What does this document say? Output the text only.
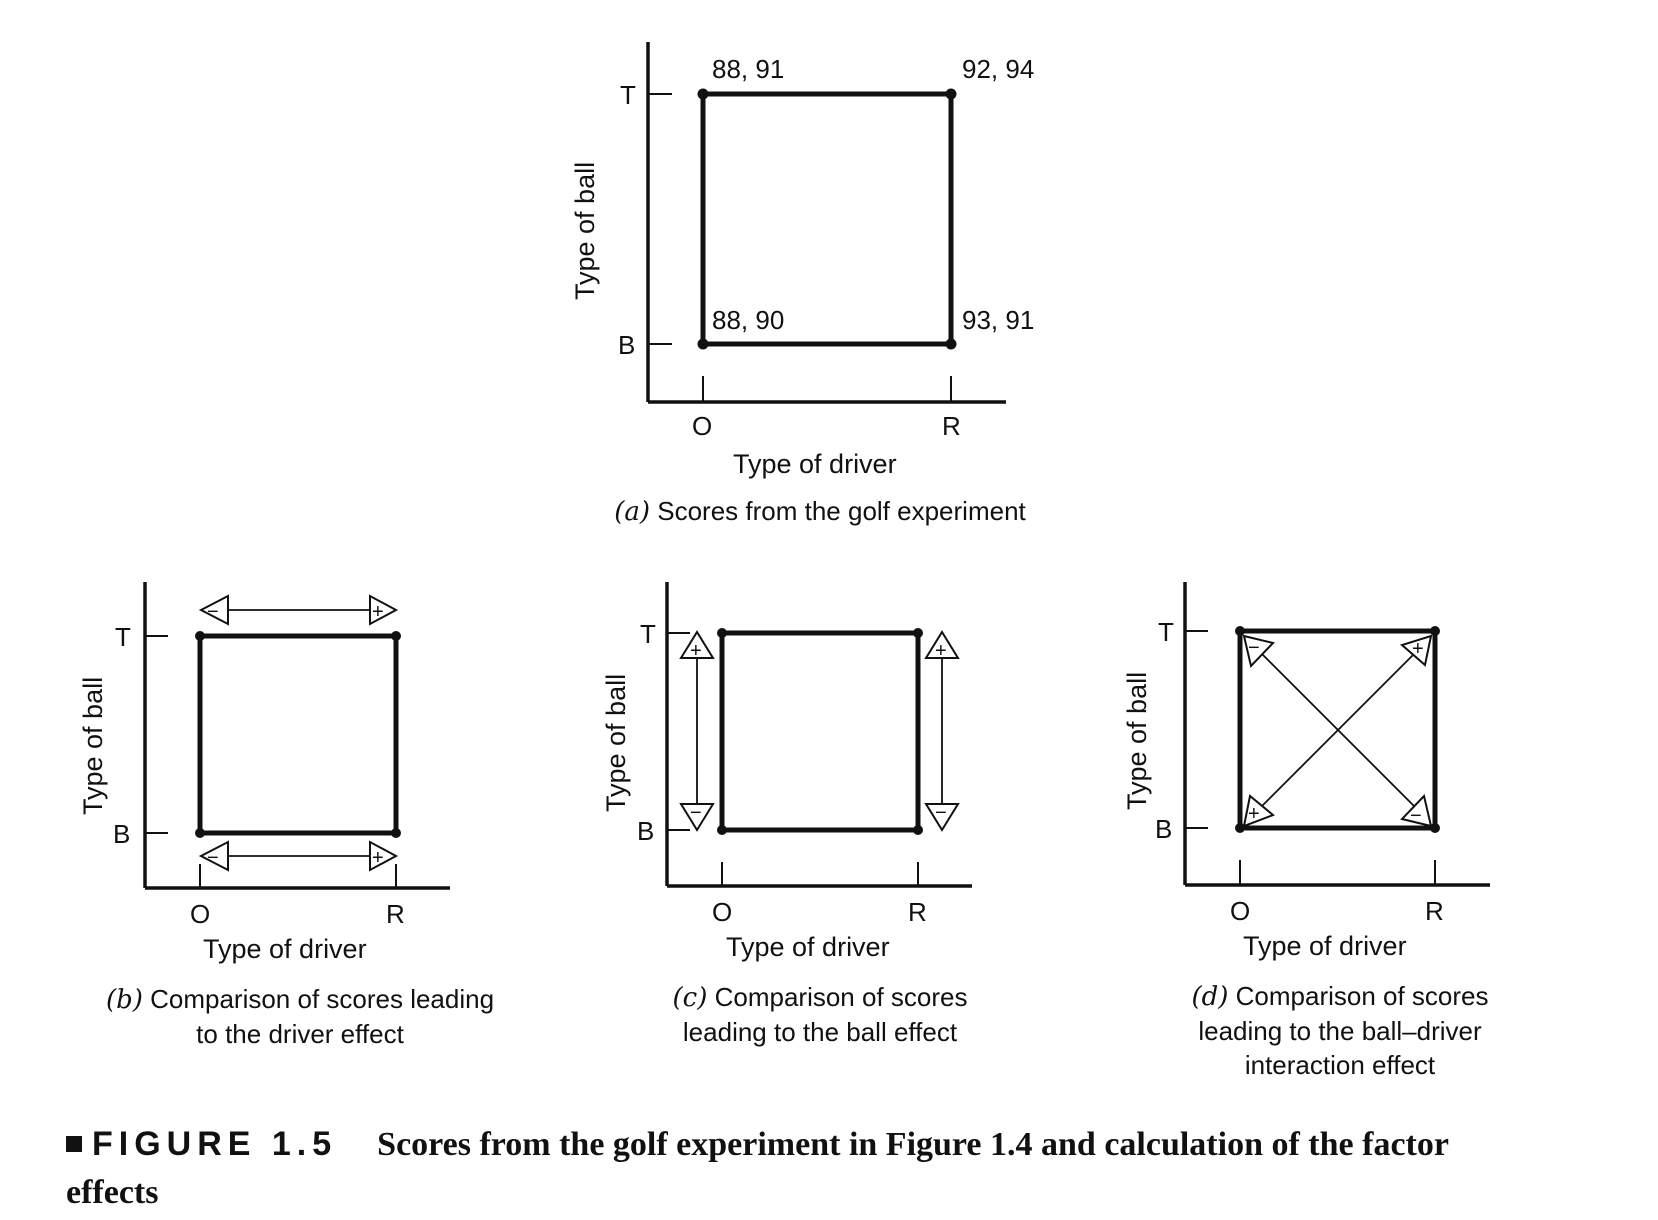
88, 91	92, 94
88, 90	93, 91
T
B
O	R
Type of driver
Type of ball
−	+
−	+
T
B
O	R
Type of driver
Type of ball
+
−
+
−
T
B
O	R
Type of driver
Type of ball
+
+
−
−
T
B
O	R
Type of driver
Type of ball
(a) Scores from the golf experiment
(b) Comparison of scores leading
to the driver effect
(c) Comparison of scores
leading to the ball effect
(d) Comparison of scores
leading to the ball–driver
interaction effect
FIGURE 1.5 Scores from the golf experiment in Figure 1.4 and calculation of the factor effects
